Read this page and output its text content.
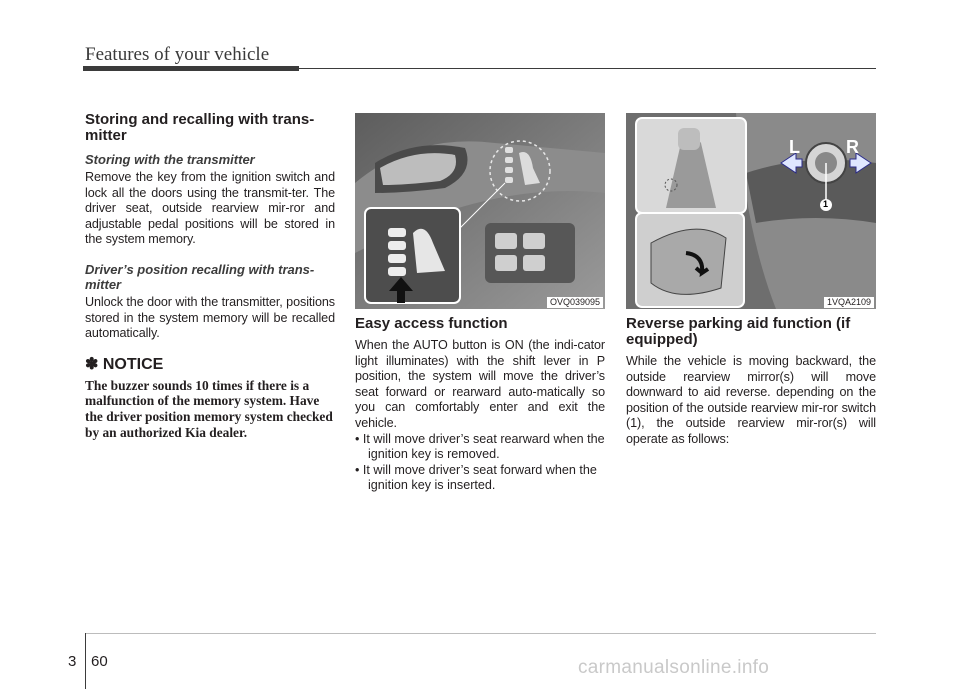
Features of your vehicle

Storing and recalling with trans-mitter

Storing with the transmitter

Remove the key from the ignition switch and lock all the doors using the transmit-ter. The driver seat, outside rearview mir-ror and adjustable pedal positions will be stored in the system memory.

Driver’s position recalling with trans-mitter

Unlock the door with the transmitter, positions stored in the system memory will be recalled automatically.

✽ NOTICE

The buzzer sounds 10 times if there is a malfunction of the memory system. Have the driver position memory system checked by an authorized Kia dealer.

OVQ039095
L	R
1
1VQA2109

Easy access function

When the AUTO button is ON (the indi-cator light illuminates) with the shift lever in P position, the system will move the driver’s seat forward or rearward auto-matically so you can comfortably enter and exit the vehicle.

• It will move driver’s seat rearward when the ignition key is removed.

• It will move driver’s seat forward when the ignition key is inserted.

Reverse parking aid function (if equipped)

While the vehicle is moving backward, the outside rearview mirror(s) will move downward to aid reverse. depending on the position of the outside rearview mir-ror switch (1), the outside rearview mir-ror(s) will operate as follows:

3 60	carmanualsonline.info
